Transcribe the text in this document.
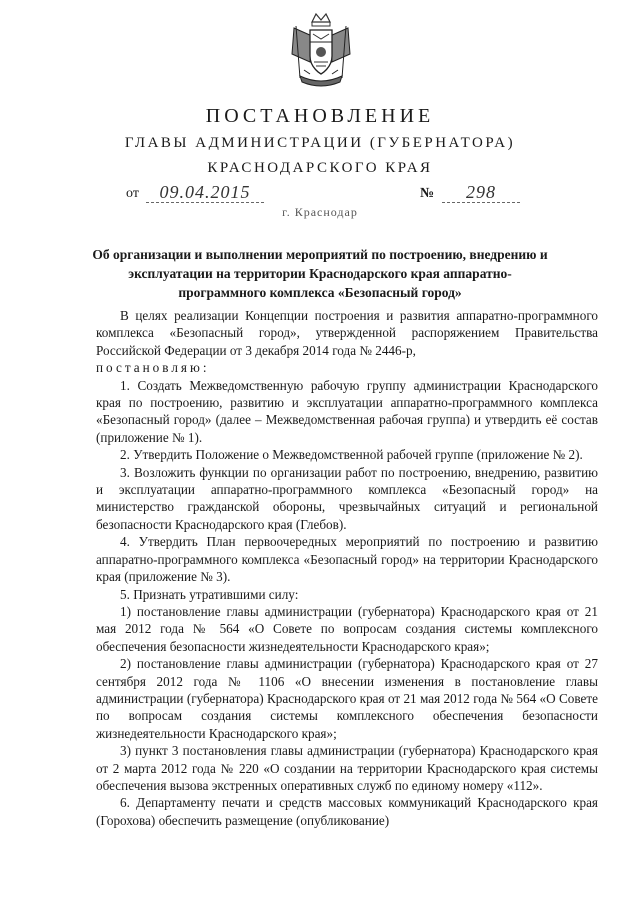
ПОСТАНОВЛЕНИЕ
ГЛАВЫ АДМИНИСТРАЦИИ (ГУБЕРНАТОРА)
КРАСНОДАРСКОГО КРАЯ
от	09.04.2015	№	298
г. Краснодар
Об организации и выполнении мероприятий по построению, внедрению и эксплуатации на территории Краснодарского края аппаратно-программного комплекса «Безопасный город»

В целях реализации Концепции построения и развития аппаратно-программного комплекса «Безопасный город», утвержденной распоряжением Правительства Российской Федерации от 3 декабря 2014 года № 2446-р,

постановляю:

1. Создать Межведомственную рабочую группу администрации Краснодарского края по построению, развитию и эксплуатации аппаратно-программного комплекса «Безопасный город» (далее – Межведомственная рабочая группа) и утвердить её состав (приложение № 1).

2. Утвердить Положение о Межведомственной рабочей группе (приложение № 2).

3. Возложить функции по организации работ по построению, внедрению, развитию и эксплуатации аппаратно-программного комплекса «Безопасный город» на министерство гражданской обороны, чрезвычайных ситуаций и региональной безопасности Краснодарского края (Глебов).

4. Утвердить План первоочередных мероприятий по построению и развитию аппаратно-программного комплекса «Безопасный город» на территории Краснодарского края (приложение № 3).

5. Признать утратившими силу:

1) постановление главы администрации (губернатора) Краснодарского края от 21 мая 2012 года № 564 «О Совете по вопросам создания системы комплексного обеспечения безопасности жизнедеятельности Краснодарского края»;

2) постановление главы администрации (губернатора) Краснодарского края от 27 сентября 2012 года № 1106 «О внесении изменения в постановление главы администрации (губернатора) Краснодарского края от 21 мая 2012 года № 564 «О Совете по вопросам создания системы комплексного обеспечения безопасности жизнедеятельности Краснодарского края»;

3) пункт 3 постановления главы администрации (губернатора) Краснодарского края от 2 марта 2012 года № 220 «О создании на территории Краснодарского края системы обеспечения вызова экстренных оперативных служб по единому номеру «112».

6. Департаменту печати и средств массовых коммуникаций Краснодарского края (Горохова) обеспечить размещение (опубликование)
